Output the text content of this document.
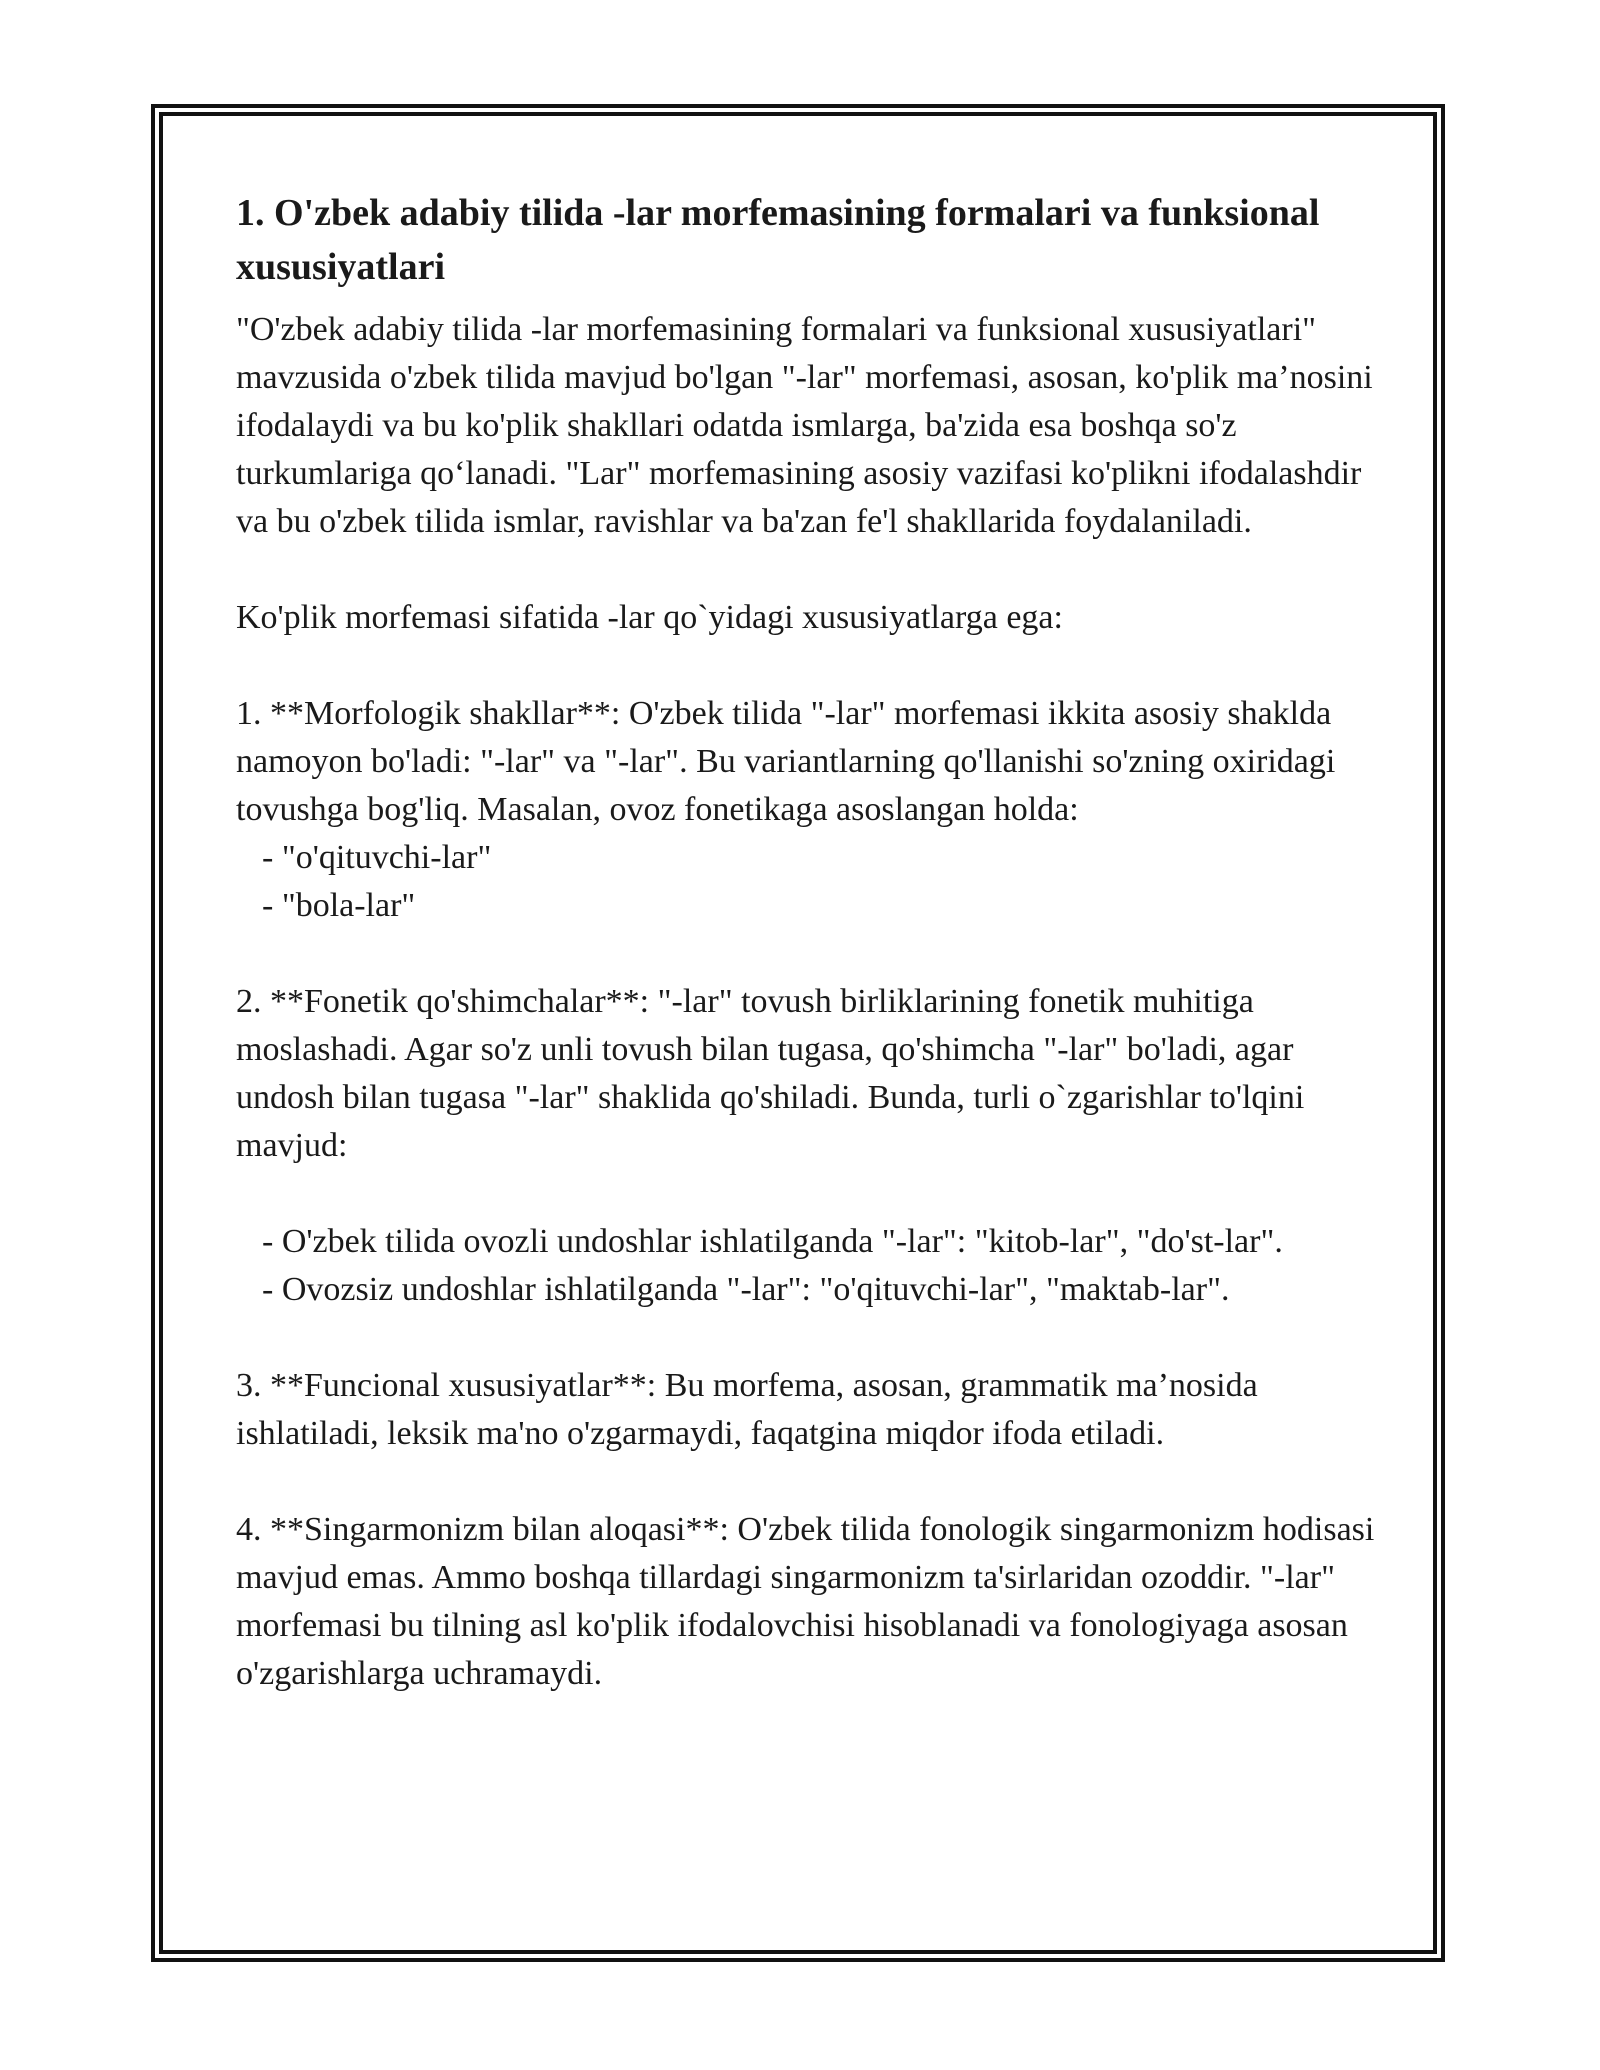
1. O'zbek adabiy tilida -lar morfemasining formalari va funksional xususiyatlari

"O'zbek adabiy tilida -lar morfemasining formalari va funksional xususiyatlari" mavzusida o'zbek tilida mavjud bo'lgan "-lar" morfemasi, asosan, ko'plik ma’nosini ifodalaydi va bu ko'plik shakllari odatda ismlarga, ba'zida esa boshqa so'z turkumlariga qo‘lanadi. "Lar" morfemasining asosiy vazifasi ko'plikni ifodalashdir va bu o'zbek tilida ismlar, ravishlar va ba'zan fe'l shakllarida foydalaniladi.

Ko'plik morfemasi sifatida -lar qo`yidagi xususiyatlarga ega:

1. **Morfologik shakllar**: O'zbek tilida "-lar" morfemasi ikkita asosiy shaklda namoyon bo'ladi: "-lar" va "-lar". Bu variantlarning qo'llanishi so'zning oxiridagi tovushga bog'liq. Masalan, ovoz fonetikaga asoslangan holda:

- "o'qituvchi-lar"

- "bola-lar"

2. **Fonetik qo'shimchalar**: "-lar" tovush birliklarining fonetik muhitiga moslashadi. Agar so'z unli tovush bilan tugasa, qo'shimcha "-lar" bo'ladi, agar undosh bilan tugasa "-lar" shaklida qo'shiladi. Bunda, turli o`zgarishlar to'lqini mavjud:

- O'zbek tilida ovozli undoshlar ishlatilganda "-lar": "kitob-lar", "do'st-lar".

- Ovozsiz undoshlar ishlatilganda "-lar": "o'qituvchi-lar", "maktab-lar".

3. **Funcional xususiyatlar**: Bu morfema, asosan, grammatik ma’nosida ishlatiladi, leksik ma'no o'zgarmaydi, faqatgina miqdor ifoda etiladi.

4. **Singarmonizm bilan aloqasi**: O'zbek tilida fonologik singarmonizm hodisasi mavjud emas. Ammo boshqa tillardagi singarmonizm ta'sirlaridan ozoddir. "-lar" morfemasi bu tilning asl ko'plik ifodalovchisi hisoblanadi va fonologiyaga asosan o'zgarishlarga uchramaydi.
